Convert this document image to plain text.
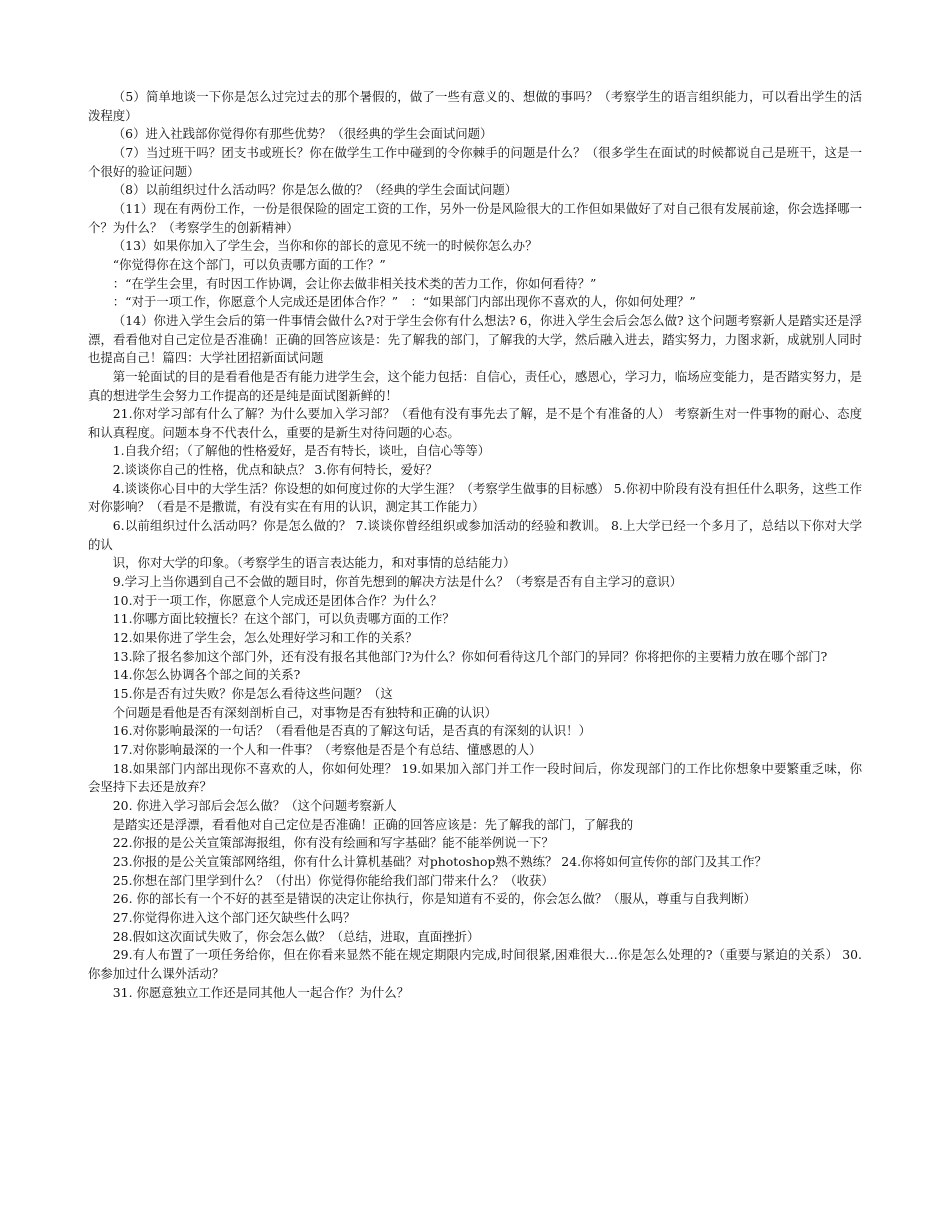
（5）简单地谈一下你是怎么过完过去的那个暑假的，做了一些有意义的、想做的事吗？（考察学生的语言组织能力，可以看出学生的活泼程度）

（6）进入社践部你觉得你有那些优势？（很经典的学生会面试问题）

（7）当过班干吗？团支书或班长？你在做学生工作中碰到的令你棘手的问题是什么？（很多学生在面试的时候都说自己是班干，这是一个很好的验证问题）

（8）以前组织过什么活动吗？你是怎么做的？（经典的学生会面试问题）

（11）现在有两份工作，一份是很保险的固定工资的工作，另外一份是风险很大的工作但如果做好了对自己很有发展前途，你会选择哪一个？为什么？（考察学生的创新精神）

（13）如果你加入了学生会，当你和你的部长的意见不统一的时候你怎么办？

“你觉得你在这个部门，可以负责哪方面的工作？”

：“在学生会里，有时因工作协调，会让你去做非相关技术类的苦力工作，你如何看待？”

：“对于一项工作，你愿意个人完成还是团体合作？”　：“如果部门内部出现你不喜欢的人，你如何处理？”

（14）你进入学生会后的第一件事情会做什么?对于学生会你有什么想法? 6，你进入学生会后会怎么做? 这个问题考察新人是踏实还是浮漂，看看他对自己定位是否准确！正确的回答应该是：先了解我的部门，了解我的大学，然后融入进去，踏实努力，力图求新，成就别人同时也提高自己！篇四：大学社团招新面试问题

第一轮面试的目的是看看他是否有能力进学生会，这个能力包括：自信心，责任心，感恩心，学习力，临场应变能力，是否踏实努力，是真的想进学生会努力工作提高的还是纯是面试图新鲜的！

21.你对学习部有什么了解？为什么要加入学习部？（看他有没有事先去了解，是不是个有准备的人） 考察新生对一件事物的耐心、态度和认真程度。问题本身不代表什么，重要的是新生对待问题的心态。

1.自我介绍；（了解他的性格爱好，是否有特长，谈吐，自信心等等）

2.谈谈你自己的性格，优点和缺点？ 3.你有何特长，爱好？

4.谈谈你心目中的大学生活？你设想的如何度过你的大学生涯？（考察学生做事的目标感） 5.你初中阶段有没有担任什么职务，这些工作对你影响？（看是不是撒谎，有没有实在有用的认识，测定其工作能力）

6.以前组织过什么活动吗？你是怎么做的？ 7.谈谈你曾经组织或参加活动的经验和教训。 8.上大学已经一个多月了，总结以下你对大学的认

识，你对大学的印象。（考察学生的语言表达能力，和对事情的总结能力）

9.学习上当你遇到自己不会做的题目时，你首先想到的解决方法是什么？（考察是否有自主学习的意识）

10.对于一项工作，你愿意个人完成还是团体合作？为什么？

11.你哪方面比较擅长？在这个部门，可以负责哪方面的工作？

12.如果你进了学生会，怎么处理好学习和工作的关系？

13.除了报名参加这个部门外，还有没有报名其他部门?为什么？你如何看待这几个部门的异同？你将把你的主要精力放在哪个部门?

14.你怎么协调各个部之间的关系?

15.你是否有过失败？你是怎么看待这些问题？（这

个问题是看他是否有深刻剖析自己，对事物是否有独特和正确的认识）

16.对你影响最深的一句话？（看看他是否真的了解这句话，是否真的有深刻的认识！）

17.对你影响最深的一个人和一件事？（考察他是否是个有总结、懂感恩的人）

18.如果部门内部出现你不喜欢的人，你如何处理？ 19.如果加入部门并工作一段时间后，你发现部门的工作比你想象中要繁重乏味，你会坚持下去还是放弃？

20. 你进入学习部后会怎么做？（这个问题考察新人

是踏实还是浮漂，看看他对自己定位是否准确！正确的回答应该是：先了解我的部门，了解我的

22.你报的是公关宣策部海报组，你有没有绘画和写字基础？能不能举例说一下？

23.你报的是公关宣策部网络组，你有什么计算机基础？对photoshop熟不熟练？ 24.你将如何宣传你的部门及其工作？

25.你想在部门里学到什么？（付出）你觉得你能给我们部门带来什么？（收获）

26. 你的部长有一个不好的甚至是错误的决定让你执行，你是知道有不妥的，你会怎么做？（服从，尊重与自我判断）

27.你觉得你进入这个部门还欠缺些什么吗？

28.假如这次面试失败了，你会怎么做？（总结，进取，直面挫折）

29.有人布置了一项任务给你，但在你看来显然不能在规定期限内完成,时间很紧,困难很大…你是怎么处理的?（重要与紧迫的关系） 30. 你参加过什么课外活动？

31. 你愿意独立工作还是同其他人一起合作？为什么？
